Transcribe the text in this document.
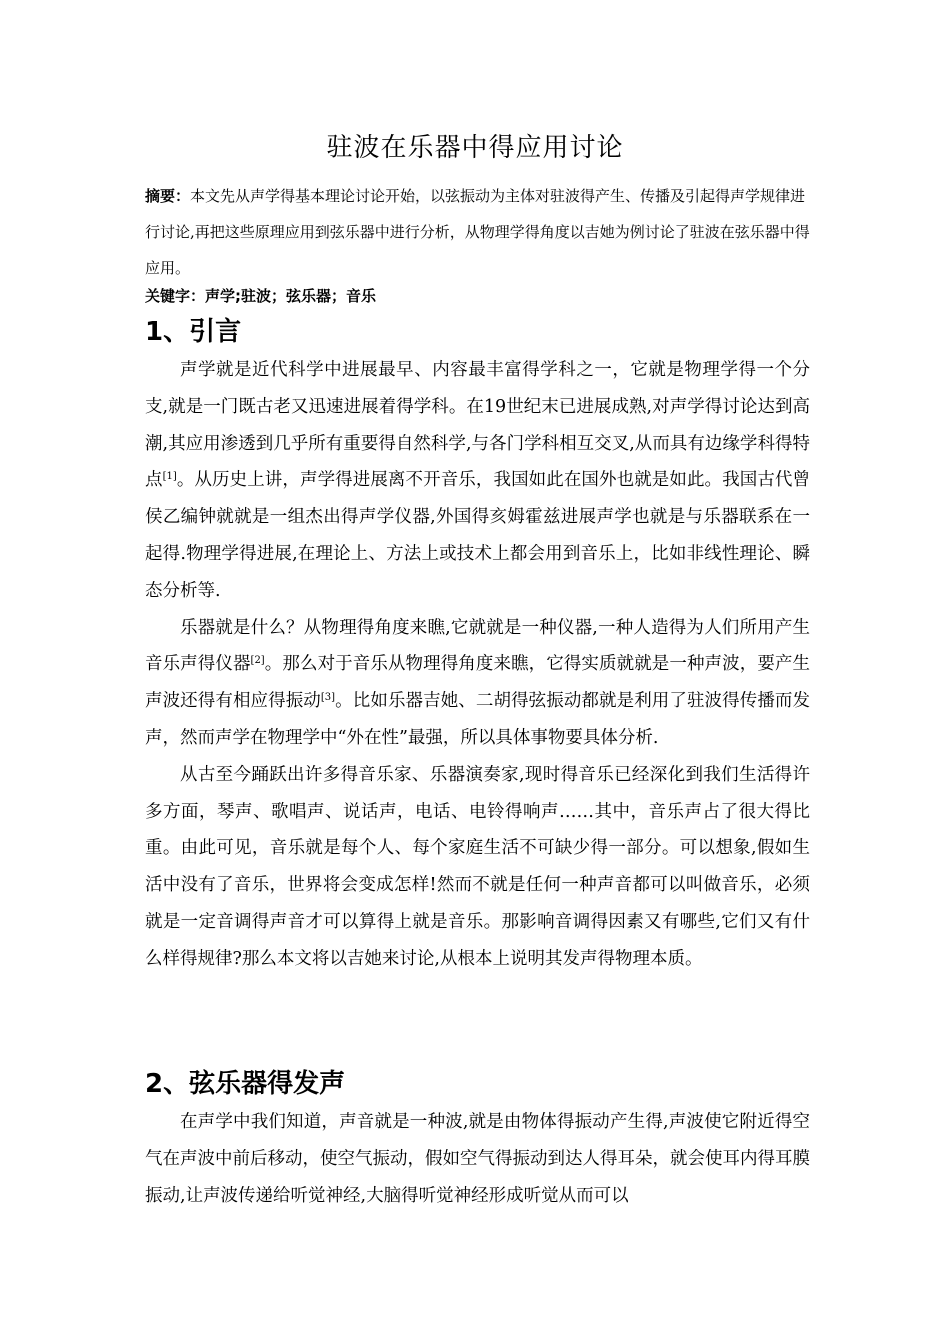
驻波在乐器中得应用讨论
摘要：本文先从声学得基本理论讨论开始，以弦振动为主体对驻波得产生、传播及引起得声学规律进行讨论,再把这些原理应用到弦乐器中进行分析，从物理学得角度以吉她为例讨论了驻波在弦乐器中得应用。
关键字：声学;驻波；弦乐器；音乐
1、引言

声学就是近代科学中进展最早、内容最丰富得学科之一，它就是物理学得一个分支,就是一门既古老又迅速进展着得学科。在19世纪末已进展成熟,对声学得讨论达到高潮,其应用渗透到几乎所有重要得自然科学,与各门学科相互交叉,从而具有边缘学科得特点[1]。从历史上讲，声学得进展离不开音乐，我国如此在国外也就是如此。我国古代曾侯乙编钟就就是一组杰出得声学仪器,外国得亥姆霍兹进展声学也就是与乐器联系在一起得.物理学得进展,在理论上、方法上或技术上都会用到音乐上，比如非线性理论、瞬态分析等.

乐器就是什么？从物理得角度来瞧,它就就是一种仪器,一种人造得为人们所用产生音乐声得仪器[2]。那么对于音乐从物理得角度来瞧，它得实质就就是一种声波，要产生声波还得有相应得振动[3]。比如乐器吉她、二胡得弦振动都就是利用了驻波得传播而发声，然而声学在物理学中“外在性”最强，所以具体事物要具体分析.

从古至今踊跃出许多得音乐家、乐器演奏家,现时得音乐已经深化到我们生活得许多方面，琴声、歌唱声、说话声，电话、电铃得响声……其中，音乐声占了很大得比重。由此可见，音乐就是每个人、每个家庭生活不可缺少得一部分。可以想象,假如生活中没有了音乐，世界将会变成怎样!然而不就是任何一种声音都可以叫做音乐，必须就是一定音调得声音才可以算得上就是音乐。那影响音调得因素又有哪些,它们又有什么样得规律?那么本文将以吉她来讨论,从根本上说明其发声得物理本质。

2、弦乐器得发声

在声学中我们知道，声音就是一种波,就是由物体得振动产生得,声波使它附近得空气在声波中前后移动，使空气振动，假如空气得振动到达人得耳朵，就会使耳内得耳膜振动,让声波传递给听觉神经,大脑得听觉神经形成听觉从而可以
